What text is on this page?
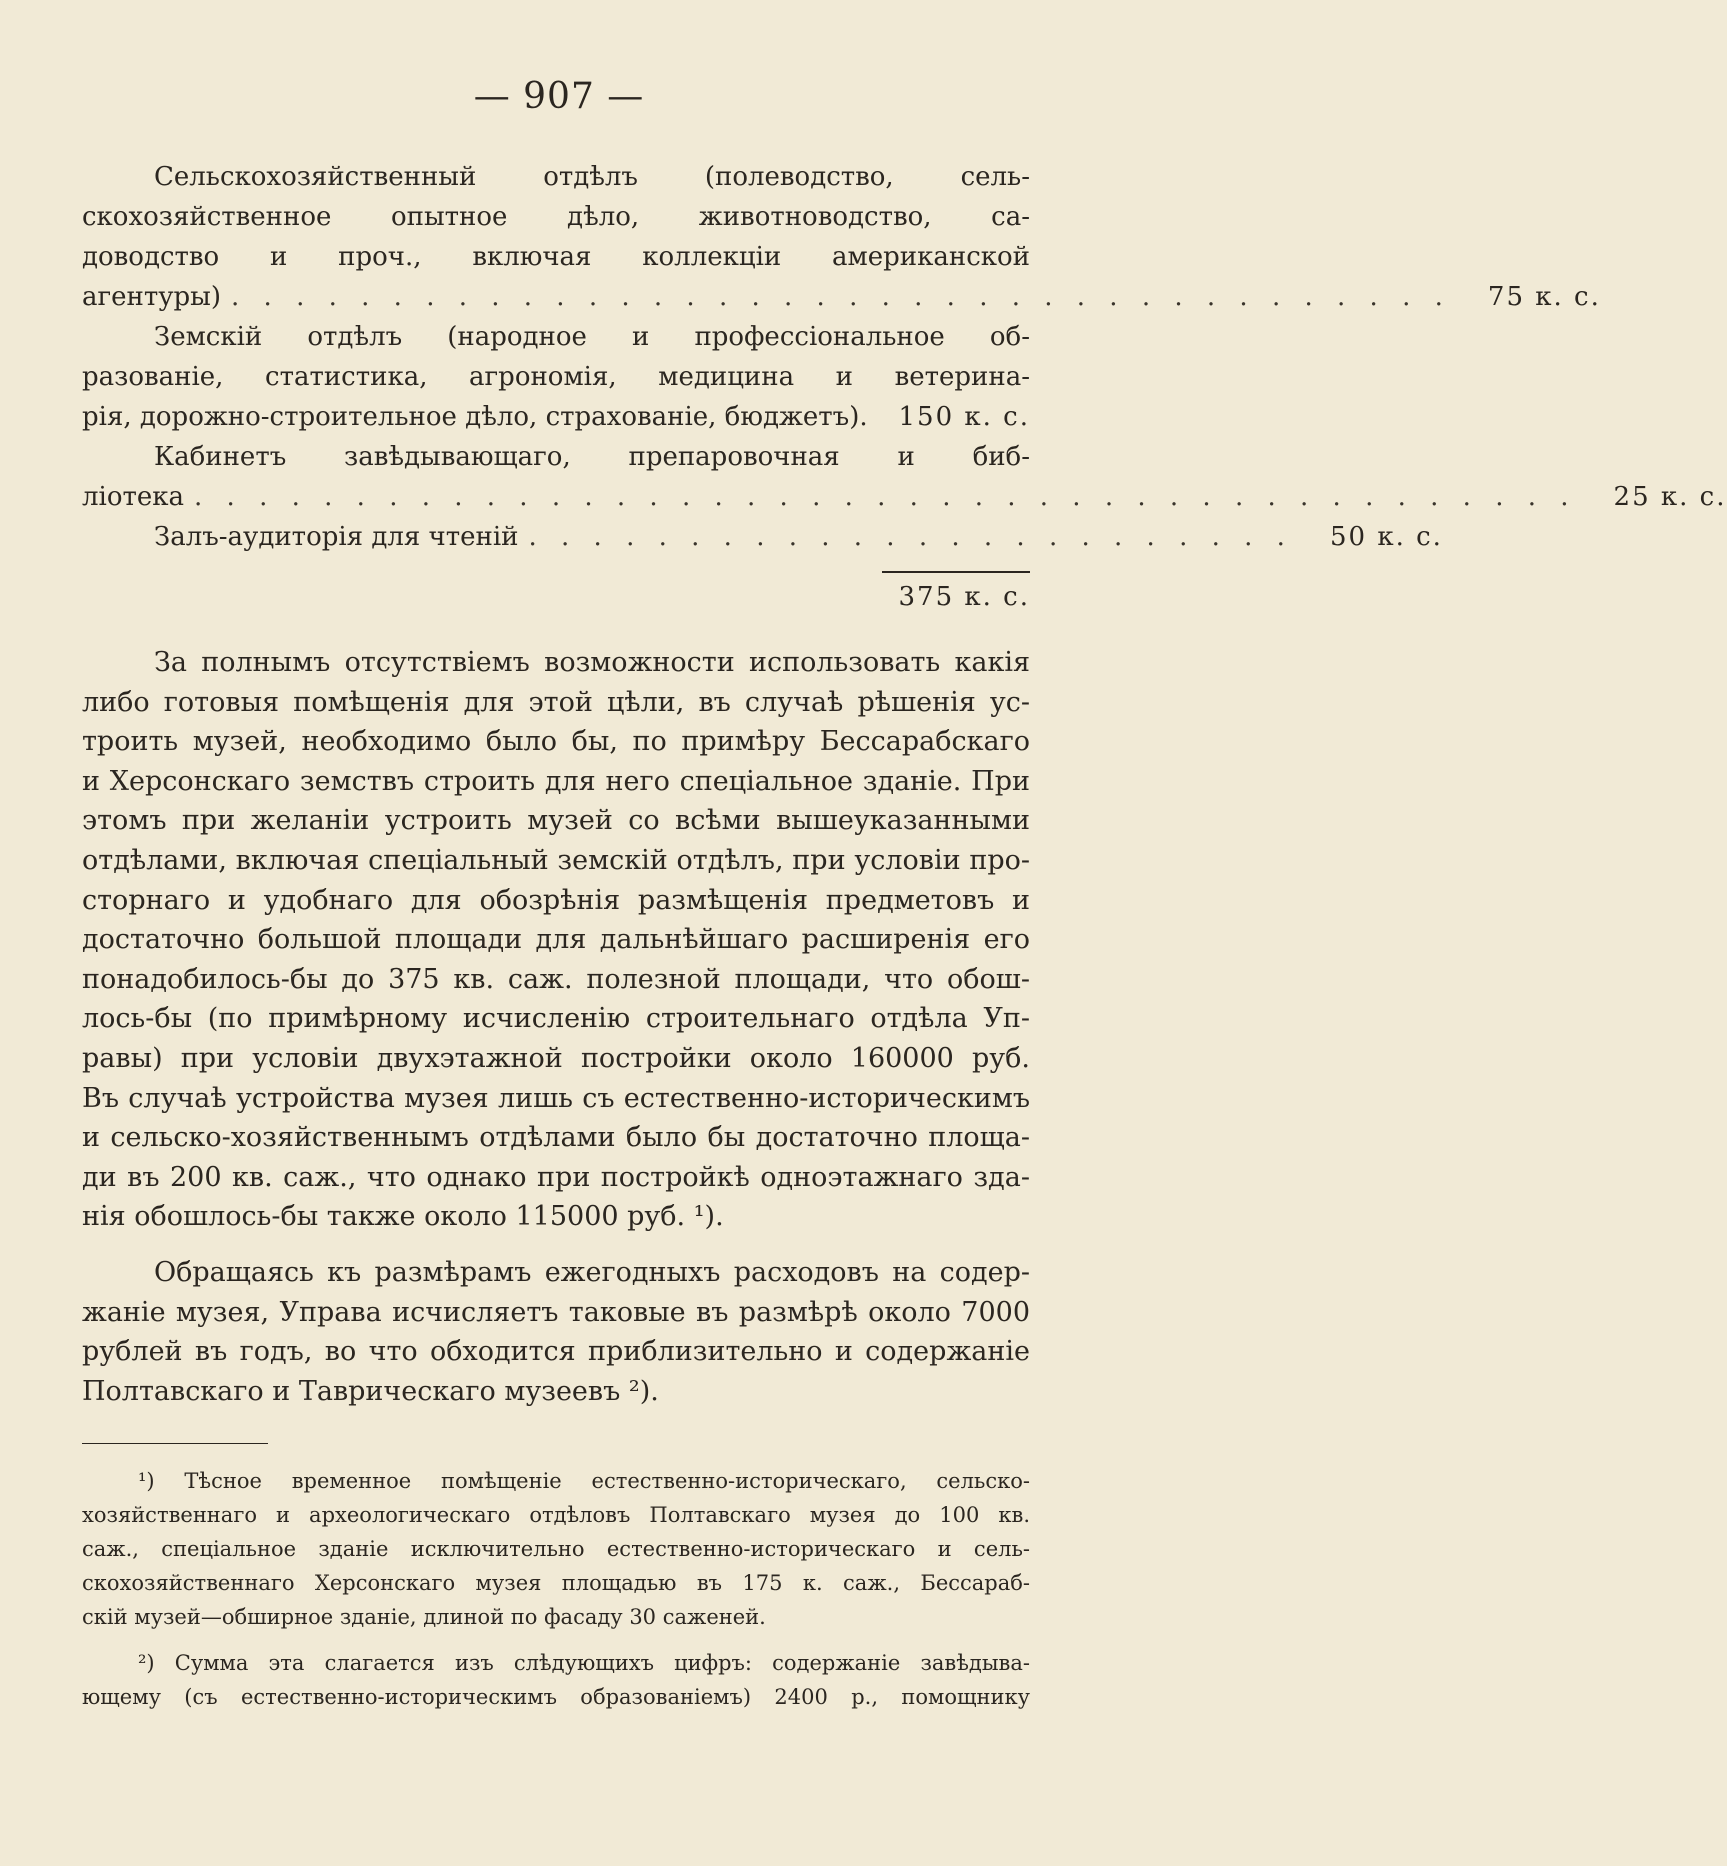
— 907 —
Сельскохозяйственный отдѣлъ (полеводство, сель-
скохозяйственное опытное дѣло, животноводство, са-
доводство и проч., включая коллекціи американской
агентуры) . . . . . . . . . . . . . . . . . . . . . . . . . . . . . . . . . . . . . .	75 к. с.
Земскій отдѣлъ (народное и профессіональное об-
разованіе, статистика, агрономія, медицина и ветерина-
рія, дорожно-строительное дѣло, страхованіе, бюджетъ).	150 к. с.
Кабинетъ завѣдывающаго, препаровочная и биб-
ліотека . . . . . . . . . . . . . . . . . . . . . . . . . . . . . . . . . . . . . . . . . . .	25 к. с.
Залъ-аудиторія для чтеній . . . . . . . . . . . . . . . . . . . . . . . .	50 к. с.
375 к. с.
За полнымъ отсутствіемъ возможности использовать какія
либо готовыя помѣщенія для этой цѣли, въ случаѣ рѣшенія ус-
троить музей, необходимо было бы, по примѣру Бессарабскаго
и Херсонскаго земствъ строить для него спеціальное зданіе. При
этомъ при желаніи устроить музей со всѣми вышеуказанными
отдѣлами, включая спеціальный земскій отдѣлъ, при условіи про-
сторнаго и удобнаго для обозрѣнія размѣщенія предметовъ и
достаточно большой площади для дальнѣйшаго расширенія его
понадобилось-бы до 375 кв. саж. полезной площади, что обош-
лось-бы (по примѣрному исчисленію строительнаго отдѣла Уп-
равы) при условіи двухэтажной постройки около 160000 руб.
Въ случаѣ устройства музея лишь съ естественно-историческимъ
и сельско-хозяйственнымъ отдѣлами было бы достаточно площа-
ди въ 200 кв. саж., что однако при постройкѣ одноэтажнаго зда-
нія обошлось-бы также около 115000 руб. ¹).
Обращаясь къ размѣрамъ ежегодныхъ расходовъ на содер-
жаніе музея, Управа исчисляетъ таковые въ размѣрѣ около 7000
рублей въ годъ, во что обходится приблизительно и содержаніе
Полтавскаго и Таврическаго музеевъ ²).
¹) Тѣсное временное помѣщеніе естественно-историческаго, сельско-
хозяйственнаго и археологическаго отдѣловъ Полтавскаго музея до 100 кв.
саж., спеціальное зданіе исключительно естественно-историческаго и сель-
скохозяйственнаго Херсонскаго музея площадью въ 175 к. саж., Бессараб-
скій музей—обширное зданіе, длиной по фасаду 30 саженей.
²) Сумма эта слагается изъ слѣдующихъ цифръ: содержаніе завѣдыва-
ющему (съ естественно-историческимъ образованіемъ) 2400 р., помощнику
